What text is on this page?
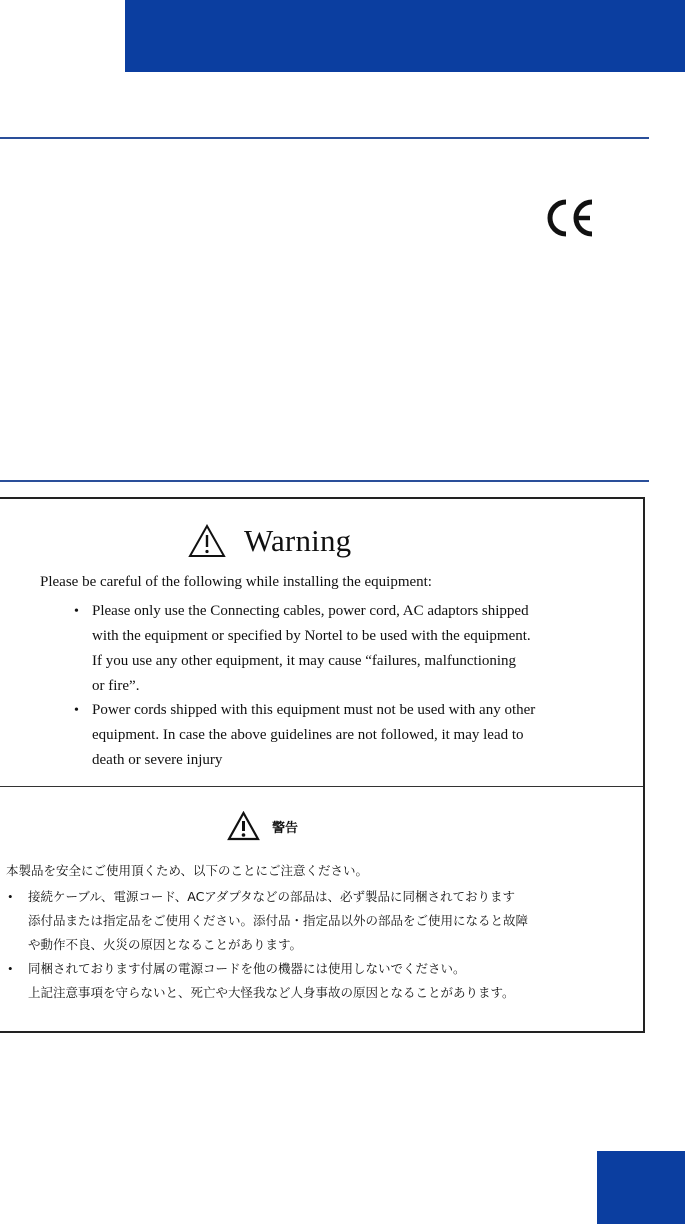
Warning
Please be careful of the following while installing the equipment:
• Please only use the Connecting cables, power cord, AC adaptors shipped
with the equipment or specified by Nortel to be used with the equipment.
If you use any other equipment, it may cause “failures, malfunctioning
or fire”.
• Power cords shipped with this equipment must not be used with any other
equipment. In case the above guidelines are not followed, it may lead to
death or severe injury
警告
本製品を安全にご使用頂くため、以下のことにご注意ください。
• 接続ケーブル、電源コード、ACアダプタなどの部品は、必ず製品に同梱されております
添付品または指定品をご使用ください。添付品・指定品以外の部品をご使用になると故障
や動作不良、火災の原因となることがあります。
• 同梱されております付属の電源コードを他の機器には使用しないでください。
上記注意事項を守らないと、死亡や大怪我など人身事故の原因となることがあります。
